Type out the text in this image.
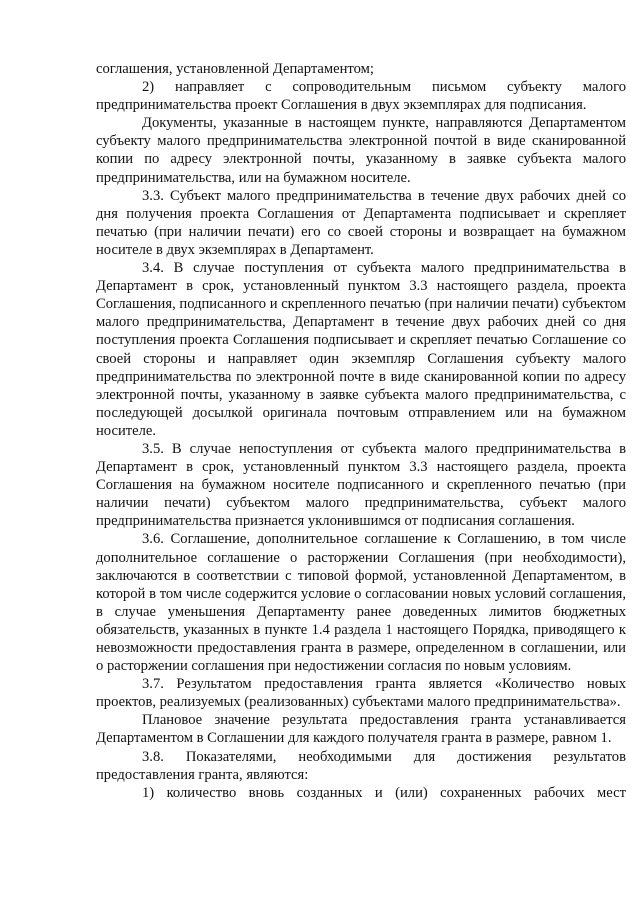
соглашения, установленной Департаментом;

2) направляет с сопроводительным письмом субъекту малого предпринимательства проект Соглашения в двух экземплярах для подписания.

Документы, указанные в настоящем пункте, направляются Департаментом субъекту малого предпринимательства электронной почтой в виде сканированной копии по адресу электронной почты, указанному в заявке субъекта малого предпринимательства, или на бумажном носителе.

3.3. Субъект малого предпринимательства в течение двух рабочих дней со дня получения проекта Соглашения от Департамента подписывает и скрепляет печатью (при наличии печати) его со своей стороны и возвращает на бумажном носителе в двух экземплярах в Департамент.

3.4. В случае поступления от субъекта малого предпринимательства в Департамент в срок, установленный пунктом 3.3 настоящего раздела, проекта Соглашения, подписанного и скрепленного печатью (при наличии печати) субъектом малого предпринимательства, Департамент в течение двух рабочих дней со дня поступления проекта Соглашения подписывает и скрепляет печатью Соглашение со своей стороны и направляет один экземпляр Соглашения субъекту малого предпринимательства по электронной почте в виде сканированной копии по адресу электронной почты, указанному в заявке субъекта малого предпринимательства, с последующей досылкой оригинала почтовым отправлением или на бумажном носителе.

3.5. В случае непоступления от субъекта малого предпринимательства в Департамент в срок, установленный пунктом 3.3 настоящего раздела, проекта Соглашения на бумажном носителе подписанного и скрепленного печатью (при наличии печати) субъектом малого предпринимательства, субъект малого предпринимательства признается уклонившимся от подписания соглашения.

3.6. Соглашение, дополнительное соглашение к Соглашению, в том числе дополнительное соглашение о расторжении Соглашения (при необходимости), заключаются в соответствии с типовой формой, установленной Департаментом, в которой в том числе содержится условие о согласовании новых условий соглашения, в случае уменьшения Департаменту ранее доведенных лимитов бюджетных обязательств, указанных в пункте 1.4 раздела 1 настоящего Порядка, приводящего к невозможности предоставления гранта в размере, определенном в соглашении, или о расторжении соглашения при недостижении согласия по новым условиям.

3.7. Результатом предоставления гранта является «Количество новых проектов, реализуемых (реализованных) субъектами малого предпринимательства».

Плановое значение результата предоставления гранта устанавливается Департаментом в Соглашении для каждого получателя гранта в размере, равном 1.

3.8. Показателями, необходимыми для достижения результатов предоставления гранта, являются:

1) количество вновь созданных и (или) сохраненных рабочих мест
